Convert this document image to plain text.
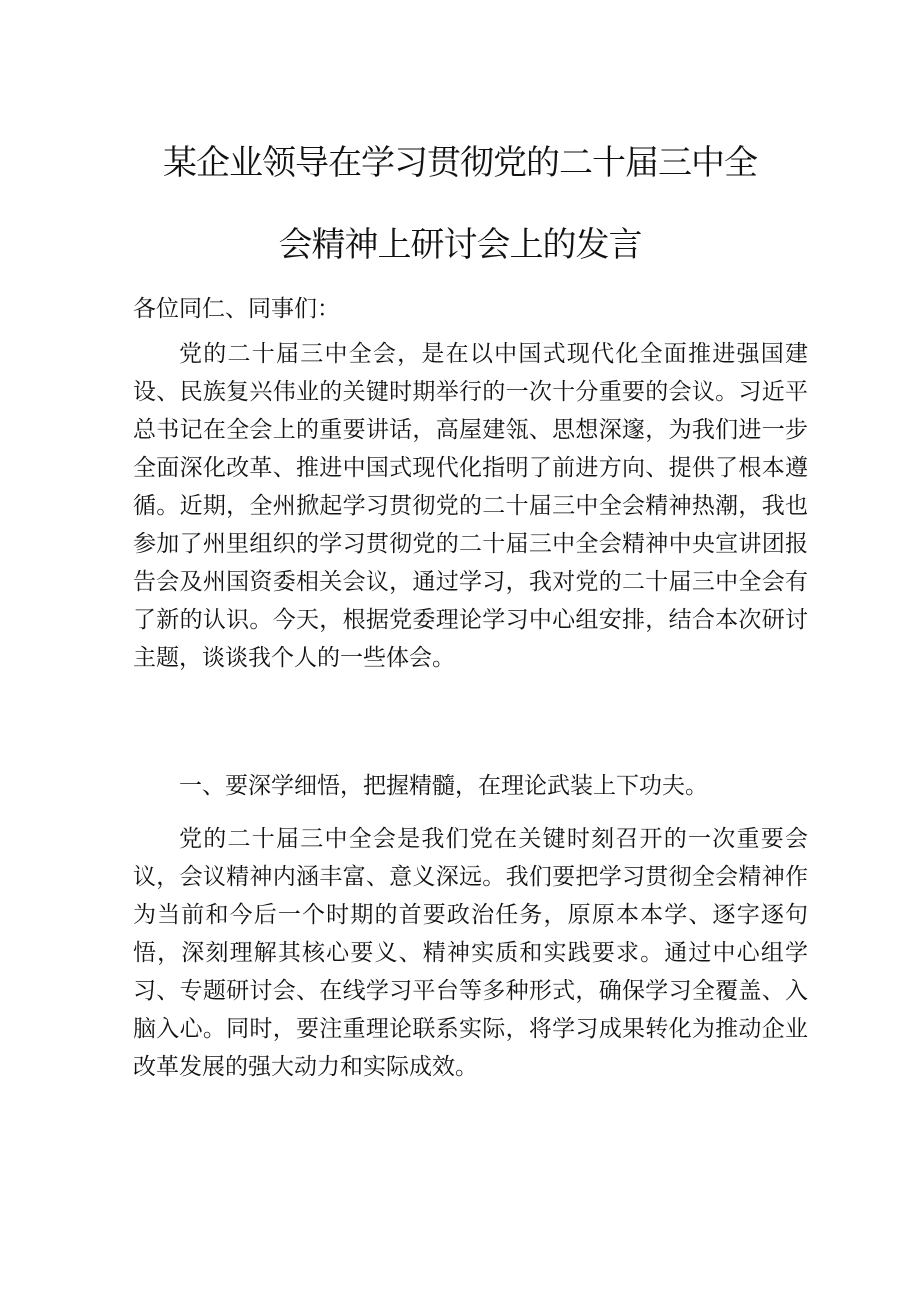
某企业领导在学习贯彻党的二十届三中全
会精神上研讨会上的发言
各位同仁、同事们：
党的二十届三中全会，是在以中国式现代化全面推进强国建设、民族复兴伟业的关键时期举行的一次十分重要的会议。习近平总书记在全会上的重要讲话，高屋建瓴、思想深邃，为我们进一步全面深化改革、推进中国式现代化指明了前进方向、提供了根本遵循。近期，全州掀起学习贯彻党的二十届三中全会精神热潮，我也参加了州里组织的学习贯彻党的二十届三中全会精神中央宣讲团报告会及州国资委相关会议，通过学习，我对党的二十届三中全会有了新的认识。今天，根据党委理论学习中心组安排，结合本次研讨主题，谈谈我个人的一些体会。
一、要深学细悟，把握精髓，在理论武装上下功夫。
党的二十届三中全会是我们党在关键时刻召开的一次重要会议，会议精神内涵丰富、意义深远。我们要把学习贯彻全会精神作为当前和今后一个时期的首要政治任务，原原本本学、逐字逐句悟，深刻理解其核心要义、精神实质和实践要求。通过中心组学习、专题研讨会、在线学习平台等多种形式，确保学习全覆盖、入脑入心。同时，要注重理论联系实际，将学习成果转化为推动企业改革发展的强大动力和实际成效。
